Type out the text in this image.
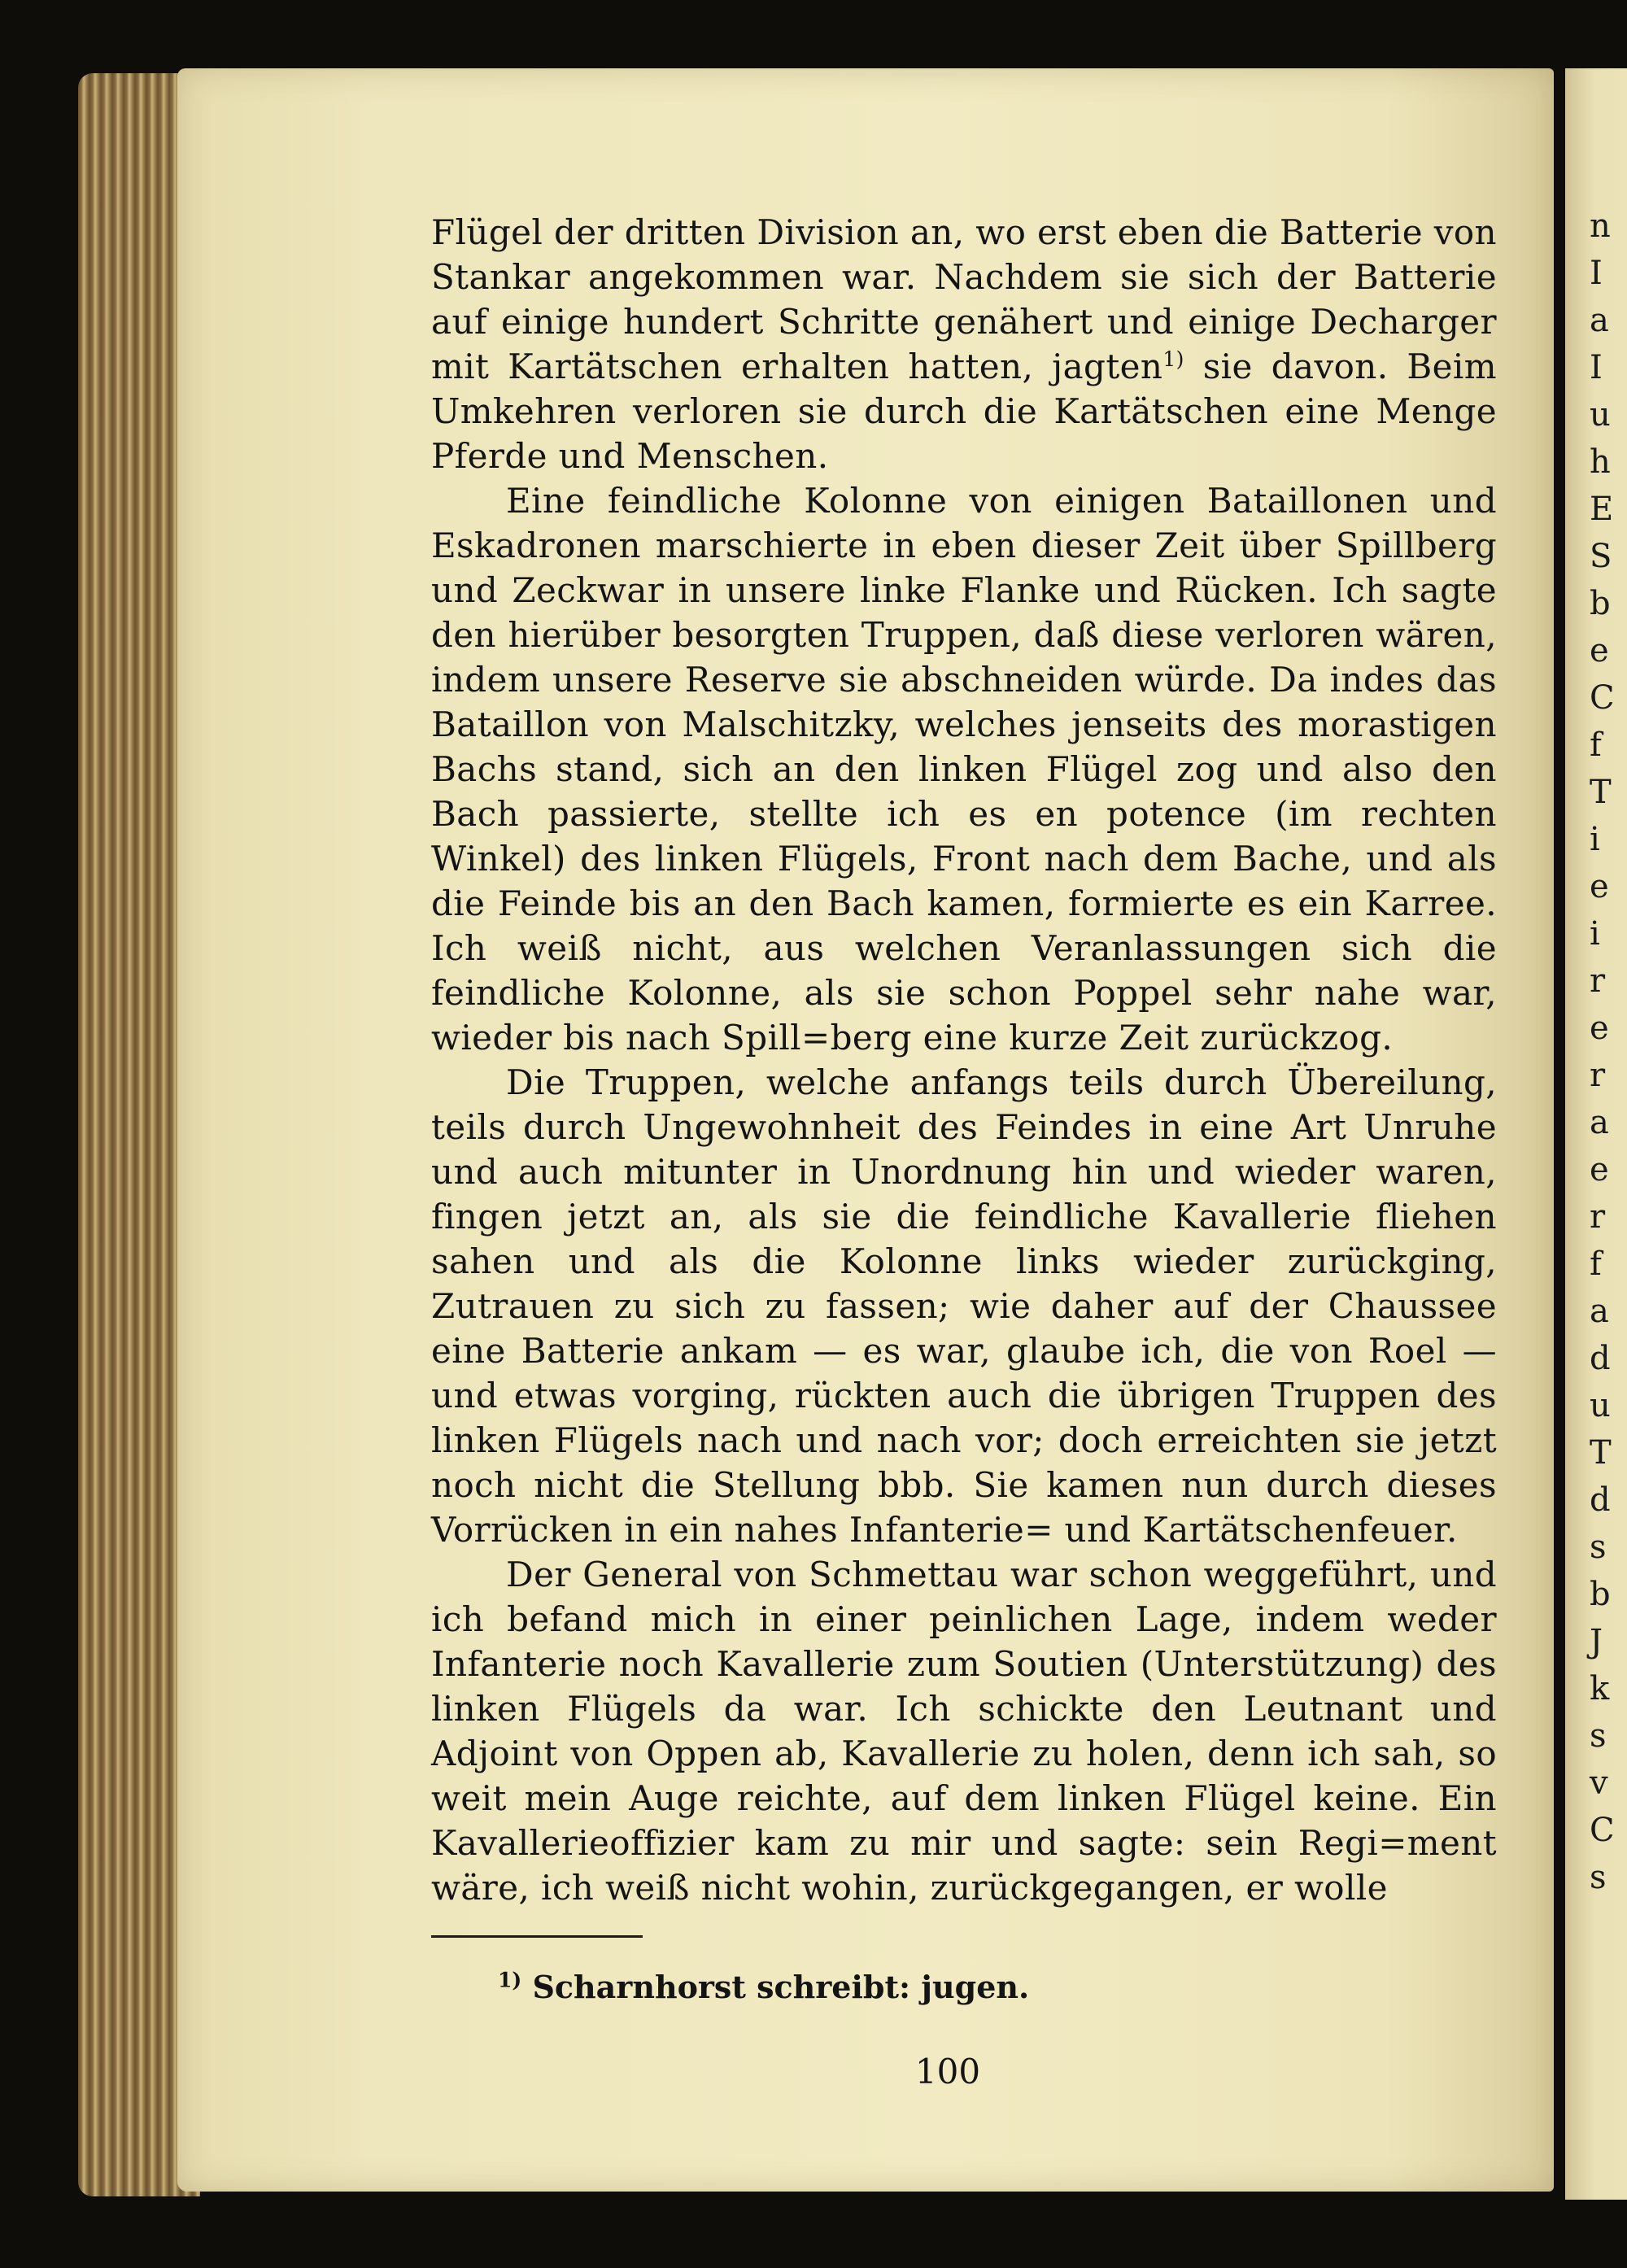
n
I
a
I
u
h
E
S
b
e
C
f
T
i
e
i
r
e
r
a
e
r
f
a
d
u
T
d
s
b
J
k
s
v
C
s

Flügel der dritten Division an, wo erst eben die Batterie von Stankar angekommen war. Nachdem sie sich der Batterie auf einige hundert Schritte genähert und einige Decharger mit Kartätschen erhalten hatten, jagten$^{1)}$ sie davon. Beim Umkehren verloren sie durch die Kartätschen eine Menge Pferde und Menschen.

Eine feindliche Kolonne von einigen Bataillonen und Eskadronen marschierte in eben dieser Zeit über Spillberg und Zeckwar in unsere linke Flanke und Rücken. Ich sagte den hierüber besorgten Truppen, daß diese verloren wären, indem unsere Reserve sie abschneiden würde. Da indes das Bataillon von Malschitzky, welches jenseits des morastigen Bachs stand, sich an den linken Flügel zog und also den Bach passierte, stellte ich es en potence (im rechten Winkel) des linken Flügels, Front nach dem Bache, und als die Feinde bis an den Bach kamen, formierte es ein Karree. Ich weiß nicht, aus welchen Veranlassungen sich die feindliche Kolonne, als sie schon Poppel sehr nahe war, wieder bis nach Spill=berg eine kurze Zeit zurückzog.

Die Truppen, welche anfangs teils durch Übereilung, teils durch Ungewohnheit des Feindes in eine Art Unruhe und auch mitunter in Unordnung hin und wieder waren, fingen jetzt an, als sie die feindliche Kavallerie fliehen sahen und als die Kolonne links wieder zurückging, Zutrauen zu sich zu fassen; wie daher auf der Chaussee eine Batterie ankam — es war, glaube ich, die von Roel — und etwas vorging, rückten auch die übrigen Truppen des linken Flügels nach und nach vor; doch erreichten sie jetzt noch nicht die Stellung bbb. Sie kamen nun durch dieses Vorrücken in ein nahes Infanterie= und Kartätschenfeuer.

Der General von Schmettau war schon weggeführt, und ich befand mich in einer peinlichen Lage, indem weder Infanterie noch Kavallerie zum Soutien (Unterstützung) des linken Flügels da war. Ich schickte den Leutnant und Adjoint von Oppen ab, Kavallerie zu holen, denn ich sah, so weit mein Auge reichte, auf dem linken Flügel keine. Ein Kavallerieoffizier kam zu mir und sagte: sein Regi=ment wäre, ich weiß nicht wohin, zurückgegangen, er wolle

$^{1)}$ Scharnhorst schreibt: jugen.
100
